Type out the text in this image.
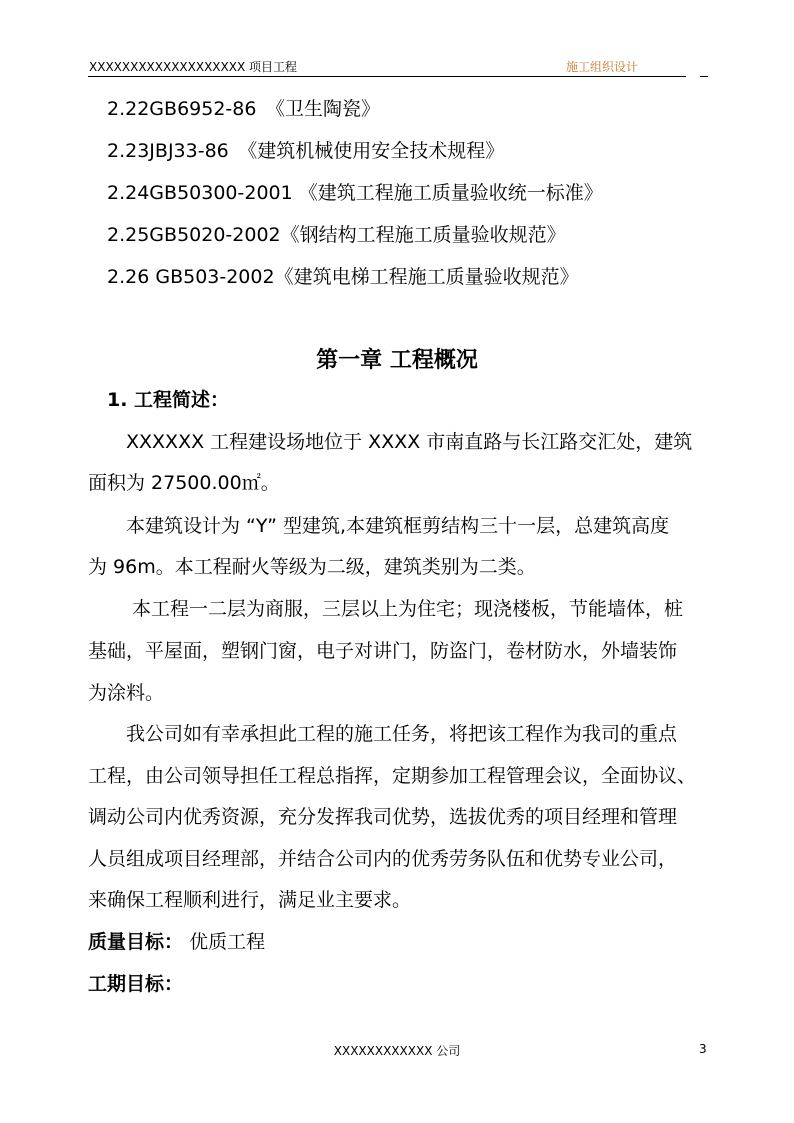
XXXXXXXXXXXXXXXXXXX 项目工程	施工组织设计
2.22GB6952-86　《卫生陶瓷》
2.23JBJ33-86　《建筑机械使用安全技术规程》
2.24GB50300-2001 《建筑工程施工质量验收统一标准》
2.25GB5020-2002《钢结构工程施工质量验收规范》
2.26 GB503-2002《建筑电梯工程施工质量验收规范》
第一章 工程概况
1. 工程简述：
　　XXXXXX 工程建设场地位于 XXXX 市南直路与长江路交汇处，建筑
面积为 27500.00㎡。
　　本建筑设计为 “Y” 型建筑,本建筑框剪结构三十一层，总建筑高度
为 96m。本工程耐火等级为二级，建筑类别为二类。
　　 本工程一二层为商服，三层以上为住宅；现浇楼板，节能墙体，桩
基础，平屋面，塑钢门窗，电子对讲门，防盗门，卷材防水，外墙装饰
为涂料。
　　我公司如有幸承担此工程的施工任务，将把该工程作为我司的重点
工程，由公司领导担任工程总指挥，定期参加工程管理会议，全面协议、
调动公司内优秀资源，充分发挥我司优势，选拔优秀的项目经理和管理
人员组成项目经理部，并结合公司内的优秀劳务队伍和优势专业公司，
来确保工程顺利进行，满足业主要求。
质量目标： 优质工程
工期目标：
XXXXXXXXXXXX 公司	3
